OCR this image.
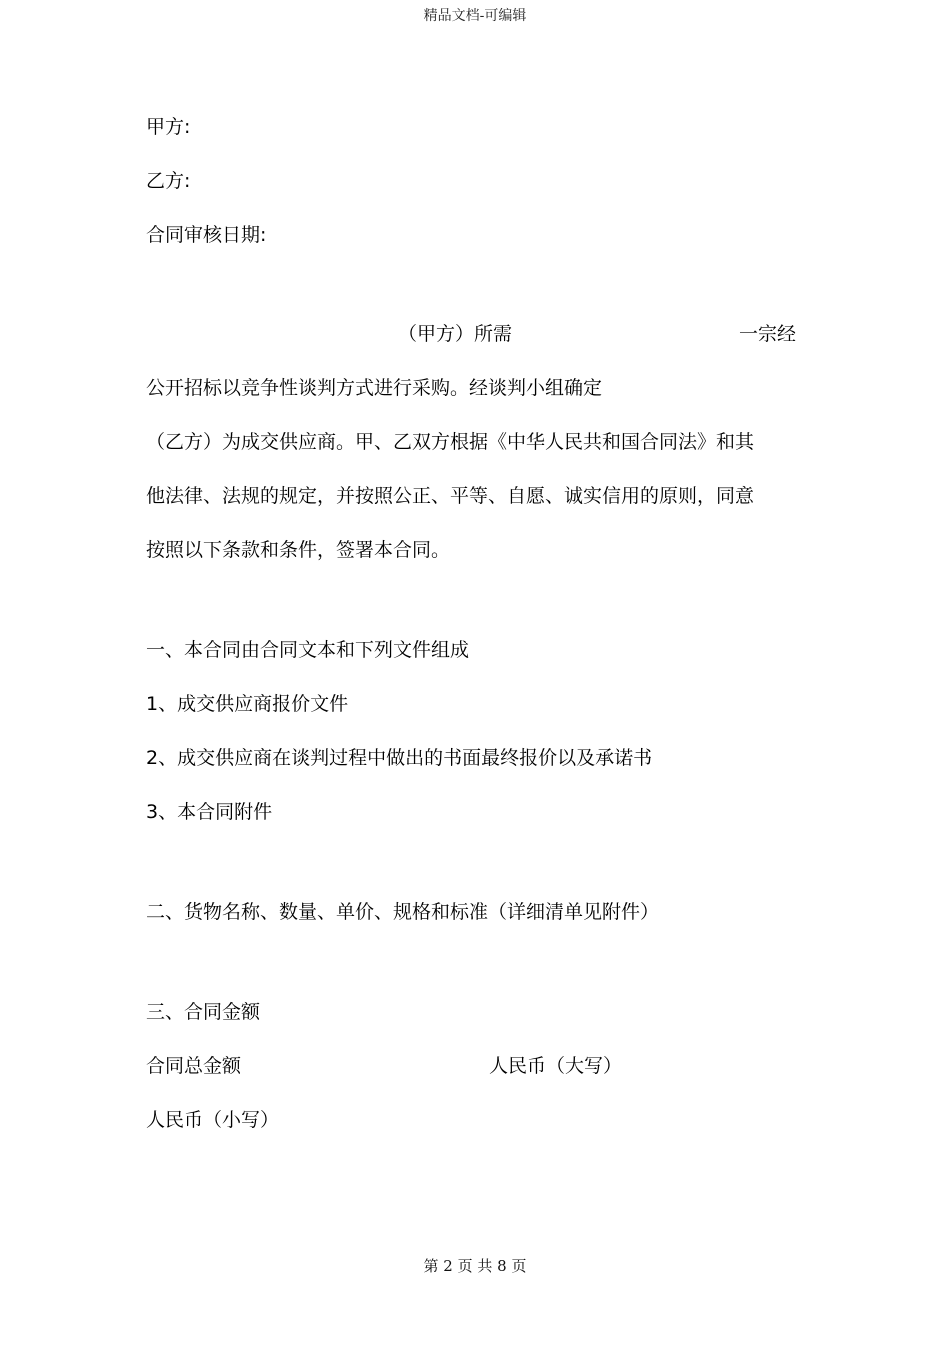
精品文档-可编辑
甲方:
乙方:
合同审核日期:
（甲方）所需	一宗经
公开招标以竞争性谈判方式进行采购。经谈判小组确定
（乙方）为成交供应商。甲、乙双方根据《中华人民共和国合同法》和其
他法律、法规的规定，并按照公正、平等、自愿、诚实信用的原则，同意
按照以下条款和条件，签署本合同。
一、本合同由合同文本和下列文件组成
1、成交供应商报价文件
2、成交供应商在谈判过程中做出的书面最终报价以及承诺书
3、本合同附件
二、货物名称、数量、单价、规格和标准（详细清单见附件）
三、合同金额
合同总金额	人民币（大写）
人民币（小写）
第 2 页 共 8 页
